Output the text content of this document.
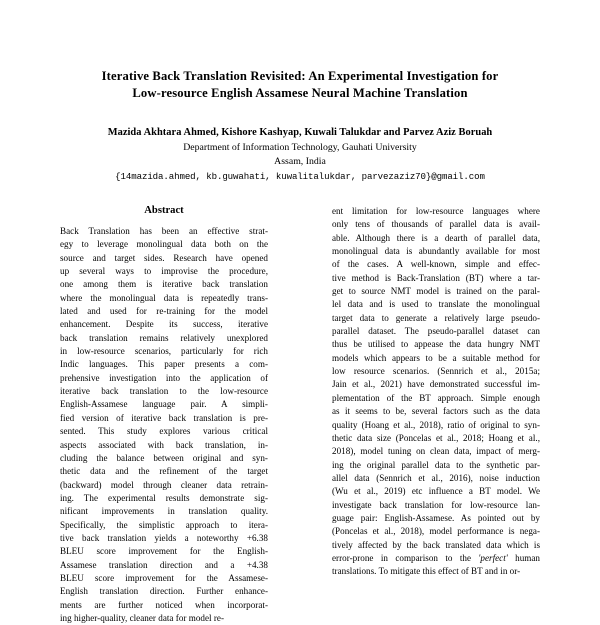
Iterative Back Translation Revisited: An Experimental Investigation for
Low-resource English Assamese Neural Machine Translation
Mazida Akhtara Ahmed, Kishore Kashyap, Kuwali Talukdar and Parvez Aziz Boruah
Department of Information Technology, Gauhati University
Assam, India
{14mazida.ahmed, kb.guwahati, kuwalitalukdar, parvezaziz70}@gmail.com
Abstract
Back Translation has been an effective strat-
egy to leverage monolingual data both on the
source and target sides. Research have opened
up several ways to improvise the procedure,
one among them is iterative back translation
where the monolingual data is repeatedly trans-
lated and used for re-training for the model
enhancement. Despite its success, iterative
back translation remains relatively unexplored
in low-resource scenarios, particularly for rich
Indic languages. This paper presents a com-
prehensive investigation into the application of
iterative back translation to the low-resource
English-Assamese language pair. A simpli-
fied version of iterative back translation is pre-
sented. This study explores various critical
aspects associated with back translation, in-
cluding the balance between original and syn-
thetic data and the refinement of the target
(backward) model through cleaner data retrain-
ing. The experimental results demonstrate sig-
nificant improvements in translation quality.
Specifically, the simplistic approach to itera-
tive back translation yields a noteworthy +6.38
BLEU score improvement for the English-
Assamese translation direction and a +4.38
BLEU score improvement for the Assamese-
English translation direction. Further enhance-
ments are further noticed when incorporat-
ing higher-quality, cleaner data for model re-
ent limitation for low-resource languages where
only tens of thousands of parallel data is avail-
able. Although there is a dearth of parallel data,
monolingual data is abundantly available for most
of the cases. A well-known, simple and effec-
tive method is Back-Translation (BT) where a tar-
get to source NMT model is trained on the paral-
lel data and is used to translate the monolingual
target data to generate a relatively large pseudo-
parallel dataset. The pseudo-parallel dataset can
thus be utilised to appease the data hungry NMT
models which appears to be a suitable method for
low resource scenarios. (Sennrich et al., 2015a;
Jain et al., 2021) have demonstrated successful im-
plementation of the BT approach. Simple enough
as it seems to be, several factors such as the data
quality (Hoang et al., 2018), ratio of original to syn-
thetic data size (Poncelas et al., 2018; Hoang et al.,
2018), model tuning on clean data, impact of merg-
ing the original parallel data to the synthetic par-
allel data (Sennrich et al., 2016), noise induction
(Wu et al., 2019) etc influence a BT model. We
investigate back translation for low-resource lan-
guage pair: English-Assamese. As pointed out by
(Poncelas et al., 2018), model performance is nega-
tively affected by the back translated data which is
error-prone in comparison to the 'perfect' human
translations. To mitigate this effect of BT and in or-
